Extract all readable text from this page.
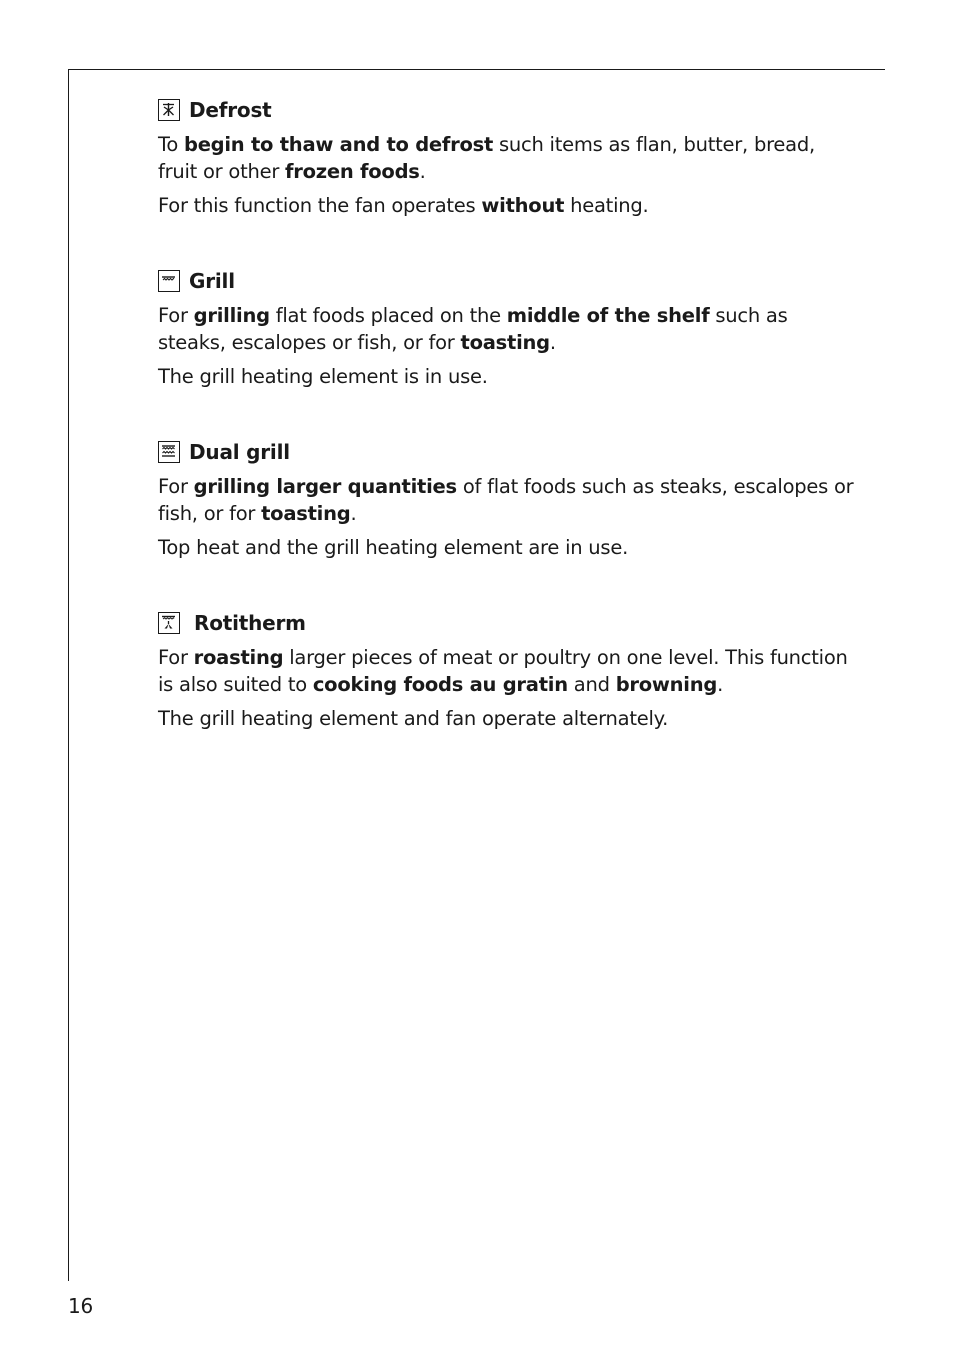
Defrost

To begin to thaw and to defrost such items as flan, butter, bread, fruit or other frozen foods.

For this function the fan operates without heating.

Grill

For grilling flat foods placed on the middle of the shelf such as steaks, escalopes or fish, or for toasting.

The grill heating element is in use.

Dual grill

For grilling larger quantities of flat foods such as steaks, escalopes or fish, or for toasting.

Top heat and the grill heating element are in use.

Rotitherm

For roasting larger pieces of meat or poultry on one level. This function is also suited to cooking foods au gratin and browning.

The grill heating element and fan operate alternately.

16
